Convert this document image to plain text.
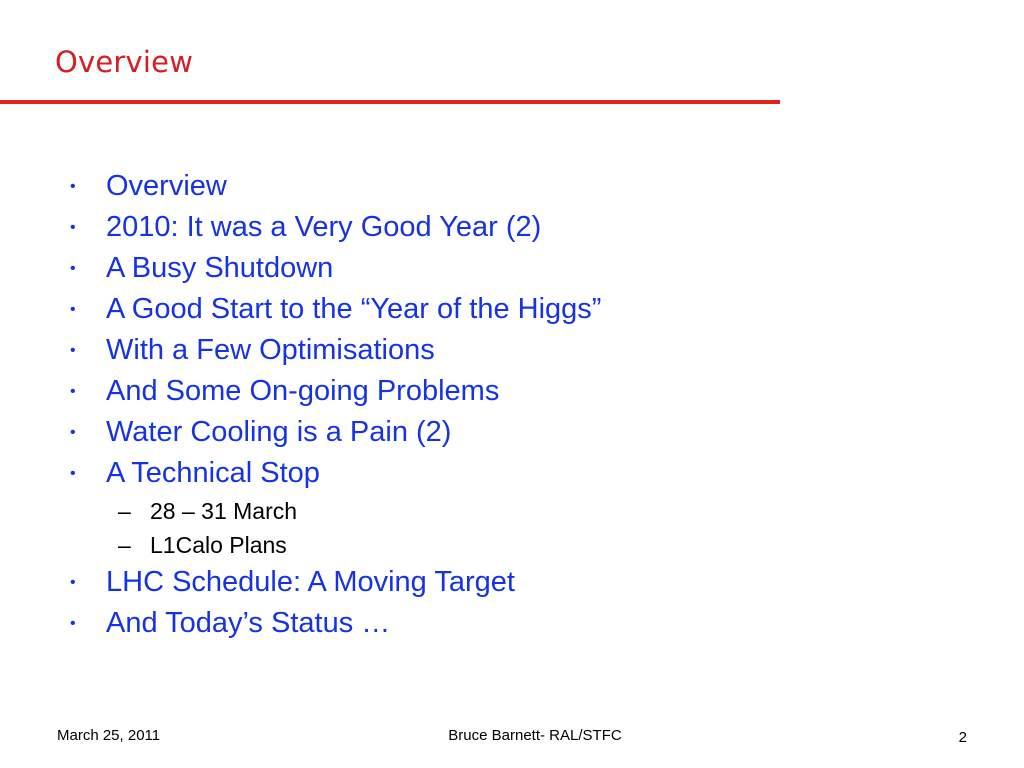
Overview
• Overview
• 2010: It was a Very Good Year (2)
• A Busy Shutdown
• A Good Start to the “Year of the Higgs”
• With a Few Optimisations
• And Some On-going Problems
• Water Cooling is a Pain (2)
• A Technical Stop
– 28 – 31 March
– L1Calo Plans
• LHC Schedule: A Moving Target
• And Today’s Status …
March 25, 2011	Bruce Barnett- RAL/STFC	2
